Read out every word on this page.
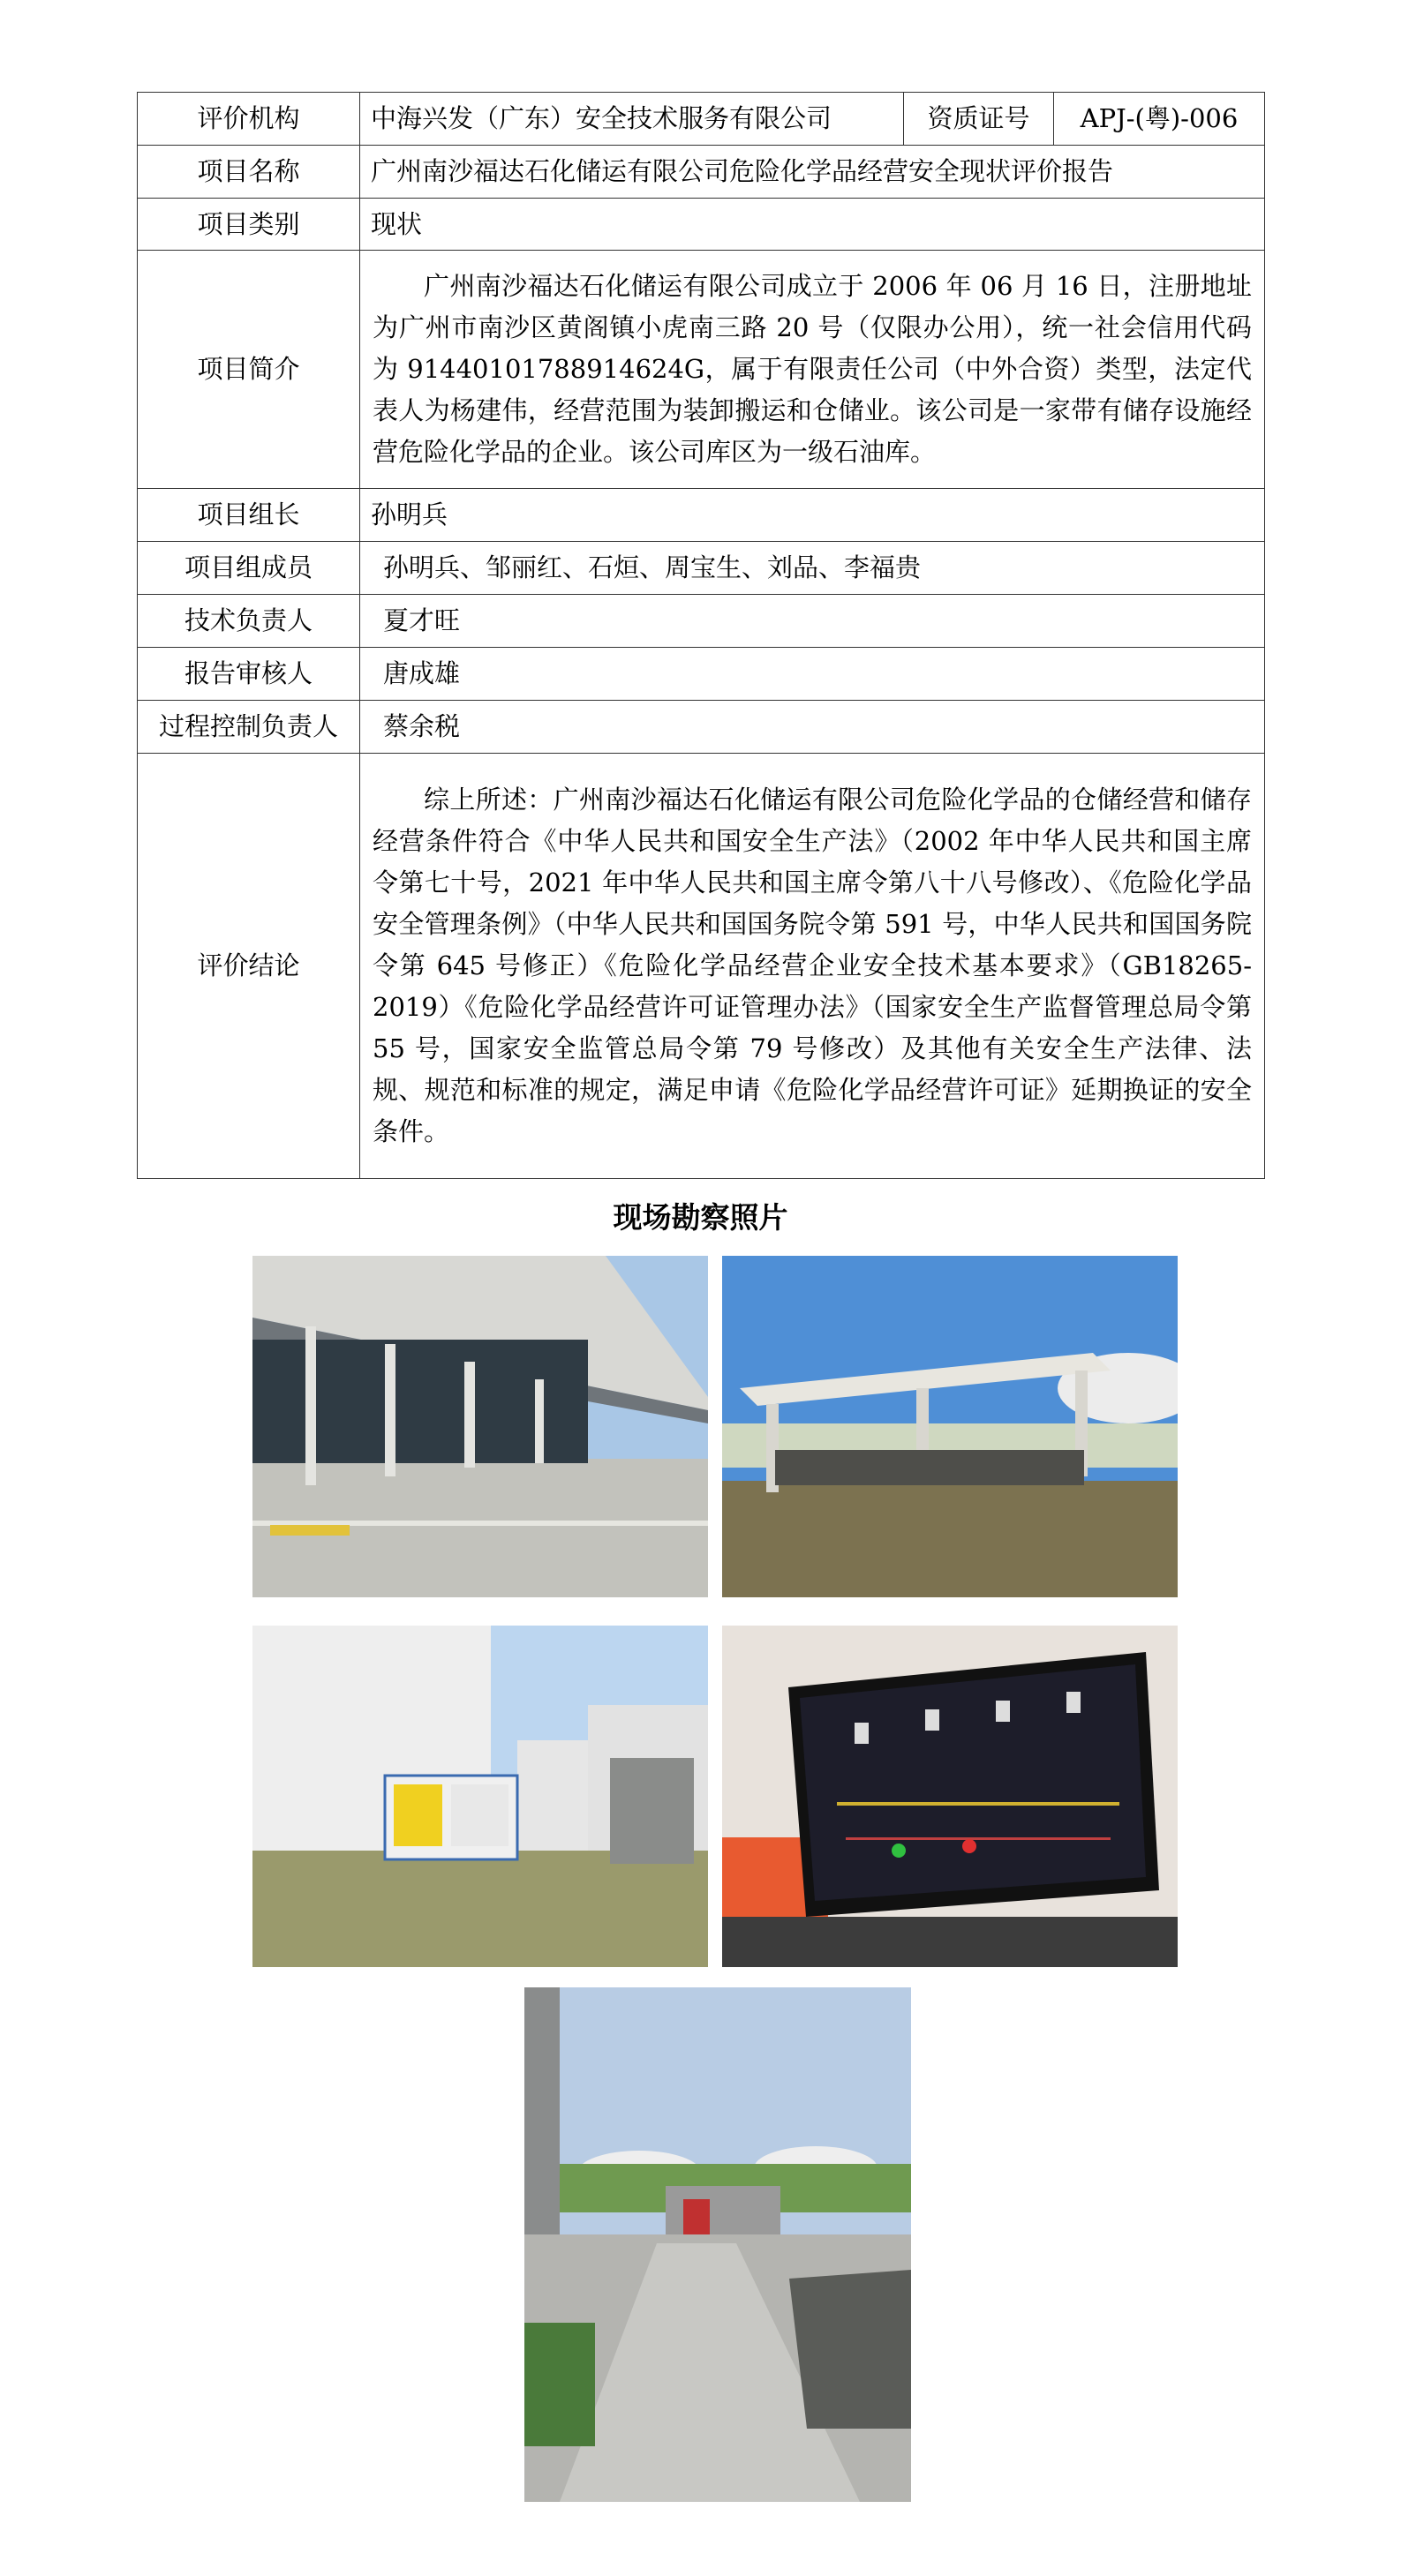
评价机构	中海兴发（广东）安全技术服务有限公司	资质证号	APJ-(粤)-006
项目名称	广州南沙福达石化储运有限公司危险化学品经营安全现状评价报告		
项目类别	现状		
项目简介	广州南沙福达石化储运有限公司成立于 2006 年 06 月 16 日，注册地址为广州市南沙区黄阁镇小虎南三路 20 号（仅限办公用），统一社会信用代码为 91440101788914624G，属于有限责任公司（中外合资）类型，法定代表人为杨建伟，经营范围为装卸搬运和仓储业。该公司是一家带有储存设施经营危险化学品的企业。该公司库区为一级石油库。		
项目组长	孙明兵		
项目组成员	孙明兵、邹丽红、石烜、周宝生、刘品、李福贵		
技术负责人	夏才旺		
报告审核人	唐成雄		
过程控制负责人	蔡余税		
评价结论	综上所述：广州南沙福达石化储运有限公司危险化学品的仓储经营和储存经营条件符合《中华人民共和国安全生产法》（2002 年中华人民共和国主席令第七十号，2021 年中华人民共和国主席令第八十八号修改）、《危险化学品安全管理条例》（中华人民共和国国务院令第 591 号，中华人民共和国国务院令第 645 号修正）《危险化学品经营企业安全技术基本要求》（GB18265-2019）《危险化学品经营许可证管理办法》（国家安全生产监督管理总局令第 55 号，国家安全监管总局令第 79 号修改）及其他有关安全生产法律、法规、规范和标准的规定，满足申请《危险化学品经营许可证》延期换证的安全条件。		
现场勘察照片
